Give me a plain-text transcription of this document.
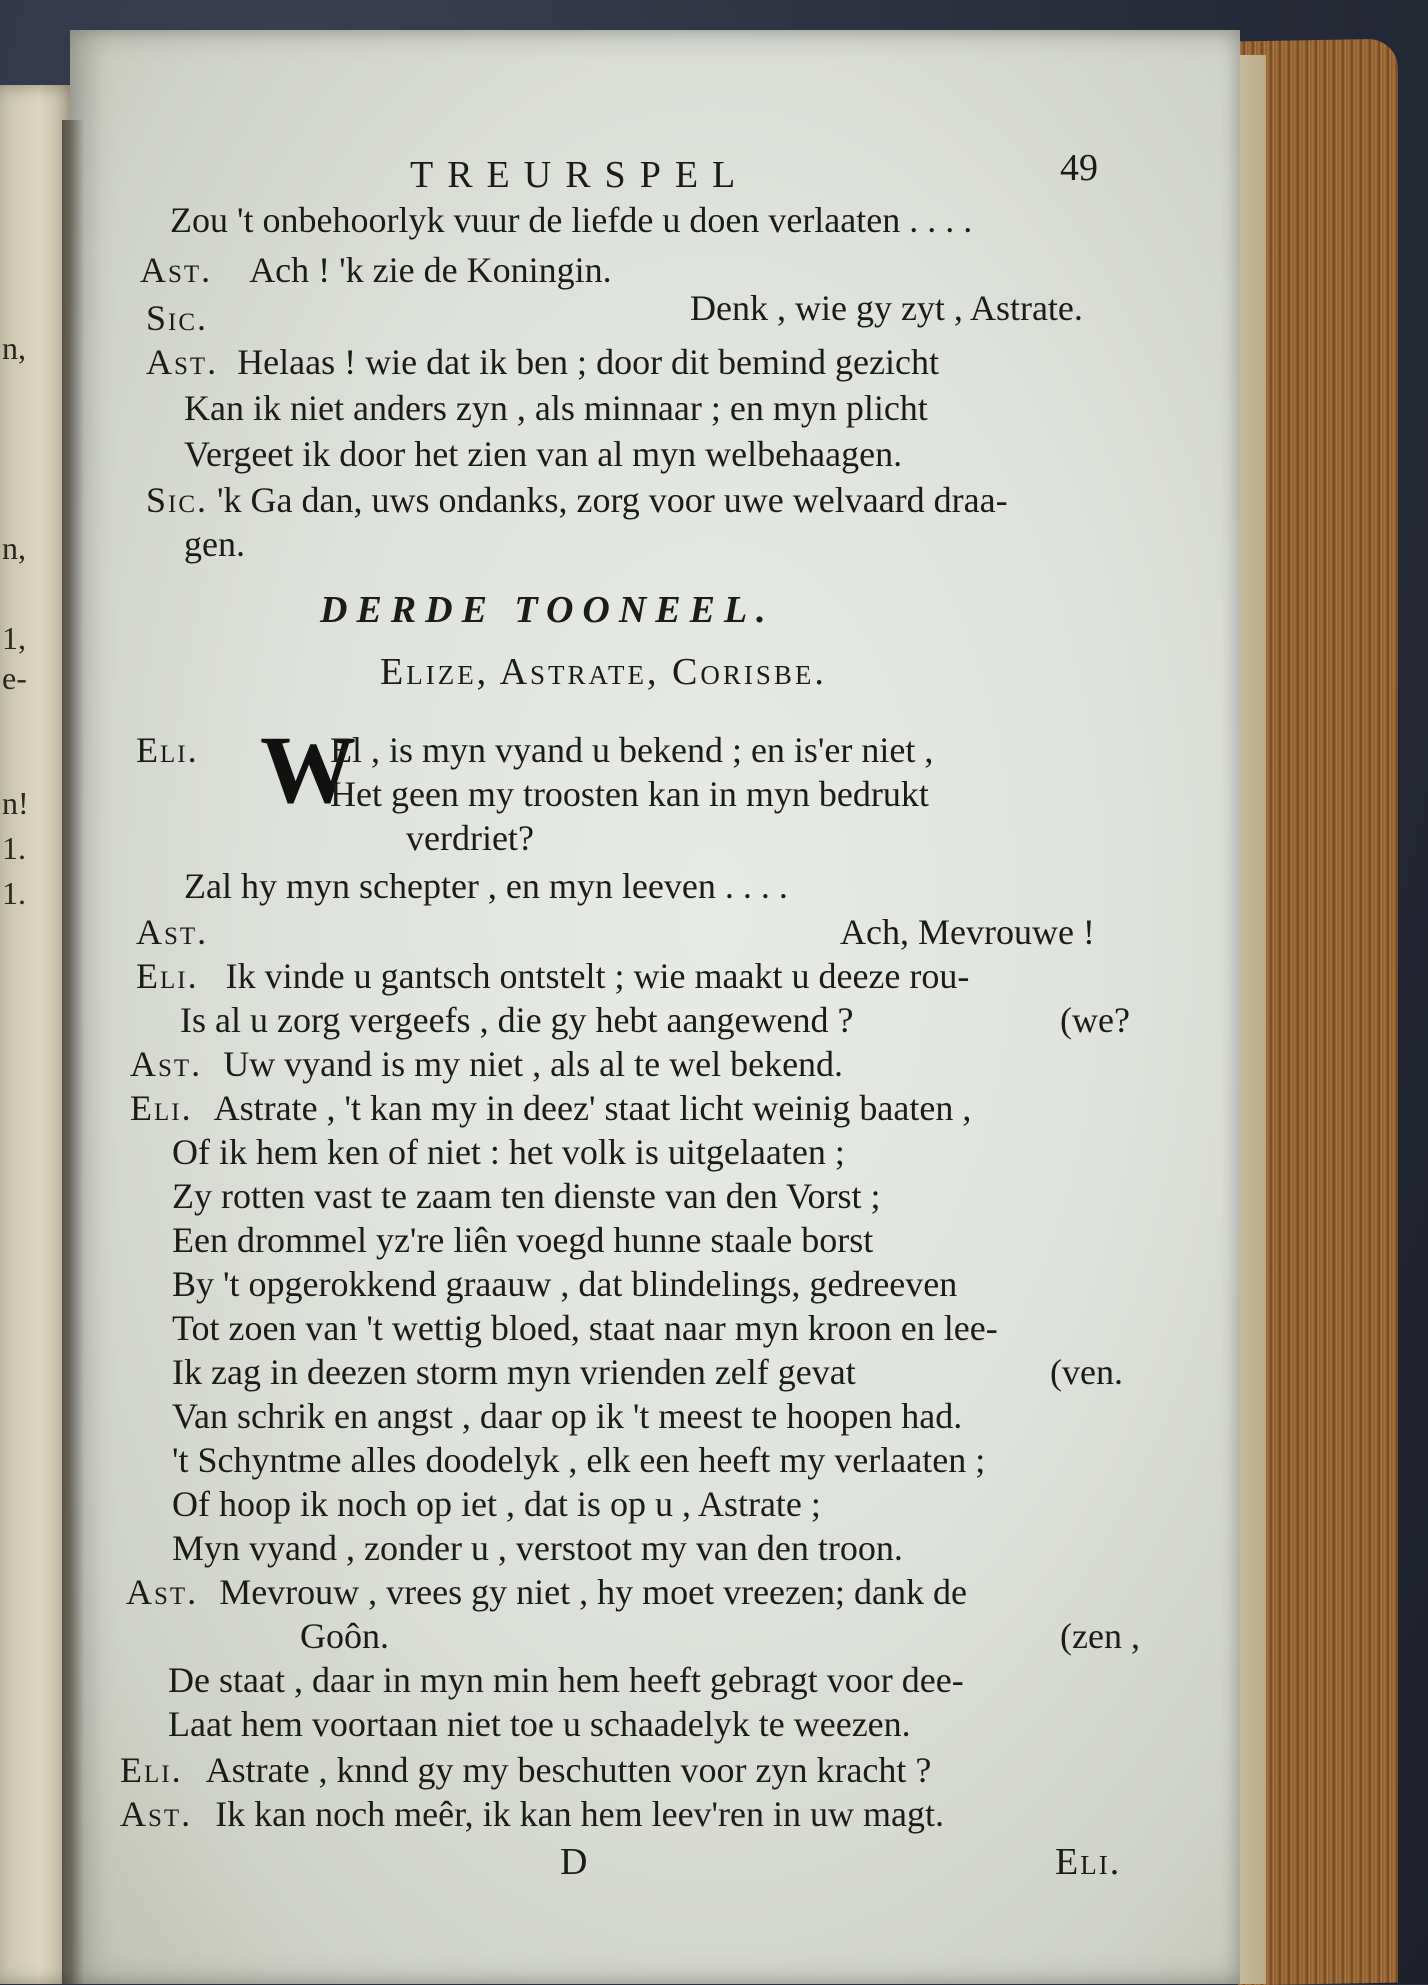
n,
n,
1,
e-
n!
1.
1.
TREURSPEL	49
Zou 't onbehoorlyk vuur de liefde u doen verlaaten . . . .
Ast. Ach ! 'k zie de Koningin.
Sic.	Denk , wie gy zyt , Astrate.
Ast. Helaas ! wie dat ik ben ; door dit bemind gezicht
Kan ik niet anders zyn , als minnaar ; en myn plicht
Vergeet ik door het zien van al myn welbehaagen.
Sic. 'k Ga dan, uws ondanks, zorg voor uwe welvaard draa-
gen.
DERDE TOONEEL.
Elize, Astrate, Corisbe.
Eli. W
El , is myn vyand u bekend ; en is'er niet ,
Het geen my troosten kan in myn bedrukt
verdriet?
Zal hy myn schepter , en myn leeven . . . .
Ast.	Ach, Mevrouwe !
Eli. Ik vinde u gantsch ontstelt ; wie maakt u deeze rou-
Is al u zorg vergeefs , die gy hebt aangewend ?	(we?
Ast. Uw vyand is my niet , als al te wel bekend.
Eli. Astrate , 't kan my in deez' staat licht weinig baaten ,
Of ik hem ken of niet : het volk is uitgelaaten ;
Zy rotten vast te zaam ten dienste van den Vorst ;
Een drommel yz're liên voegd hunne staale borst
By 't opgerokkend graauw , dat blindelings, gedreeven
Tot zoen van 't wettig bloed, staat naar myn kroon en lee-
Ik zag in deezen storm myn vrienden zelf gevat	(ven.
Van schrik en angst , daar op ik 't meest te hoopen had.
't Schyntme alles doodelyk , elk een heeft my verlaaten ;
Of hoop ik noch op iet , dat is op u , Astrate ;
Myn vyand , zonder u , verstoot my van den troon.
Ast. Mevrouw , vrees gy niet , hy moet vreezen; dank de
Goôn.	(zen ,
De staat , daar in myn min hem heeft gebragt voor dee-
Laat hem voortaan niet toe u schaadelyk te weezen.
Eli. Astrate , knnd gy my beschutten voor zyn kracht ?
Ast. Ik kan noch meêr, ik kan hem leev'ren in uw magt.
D	Eli.
